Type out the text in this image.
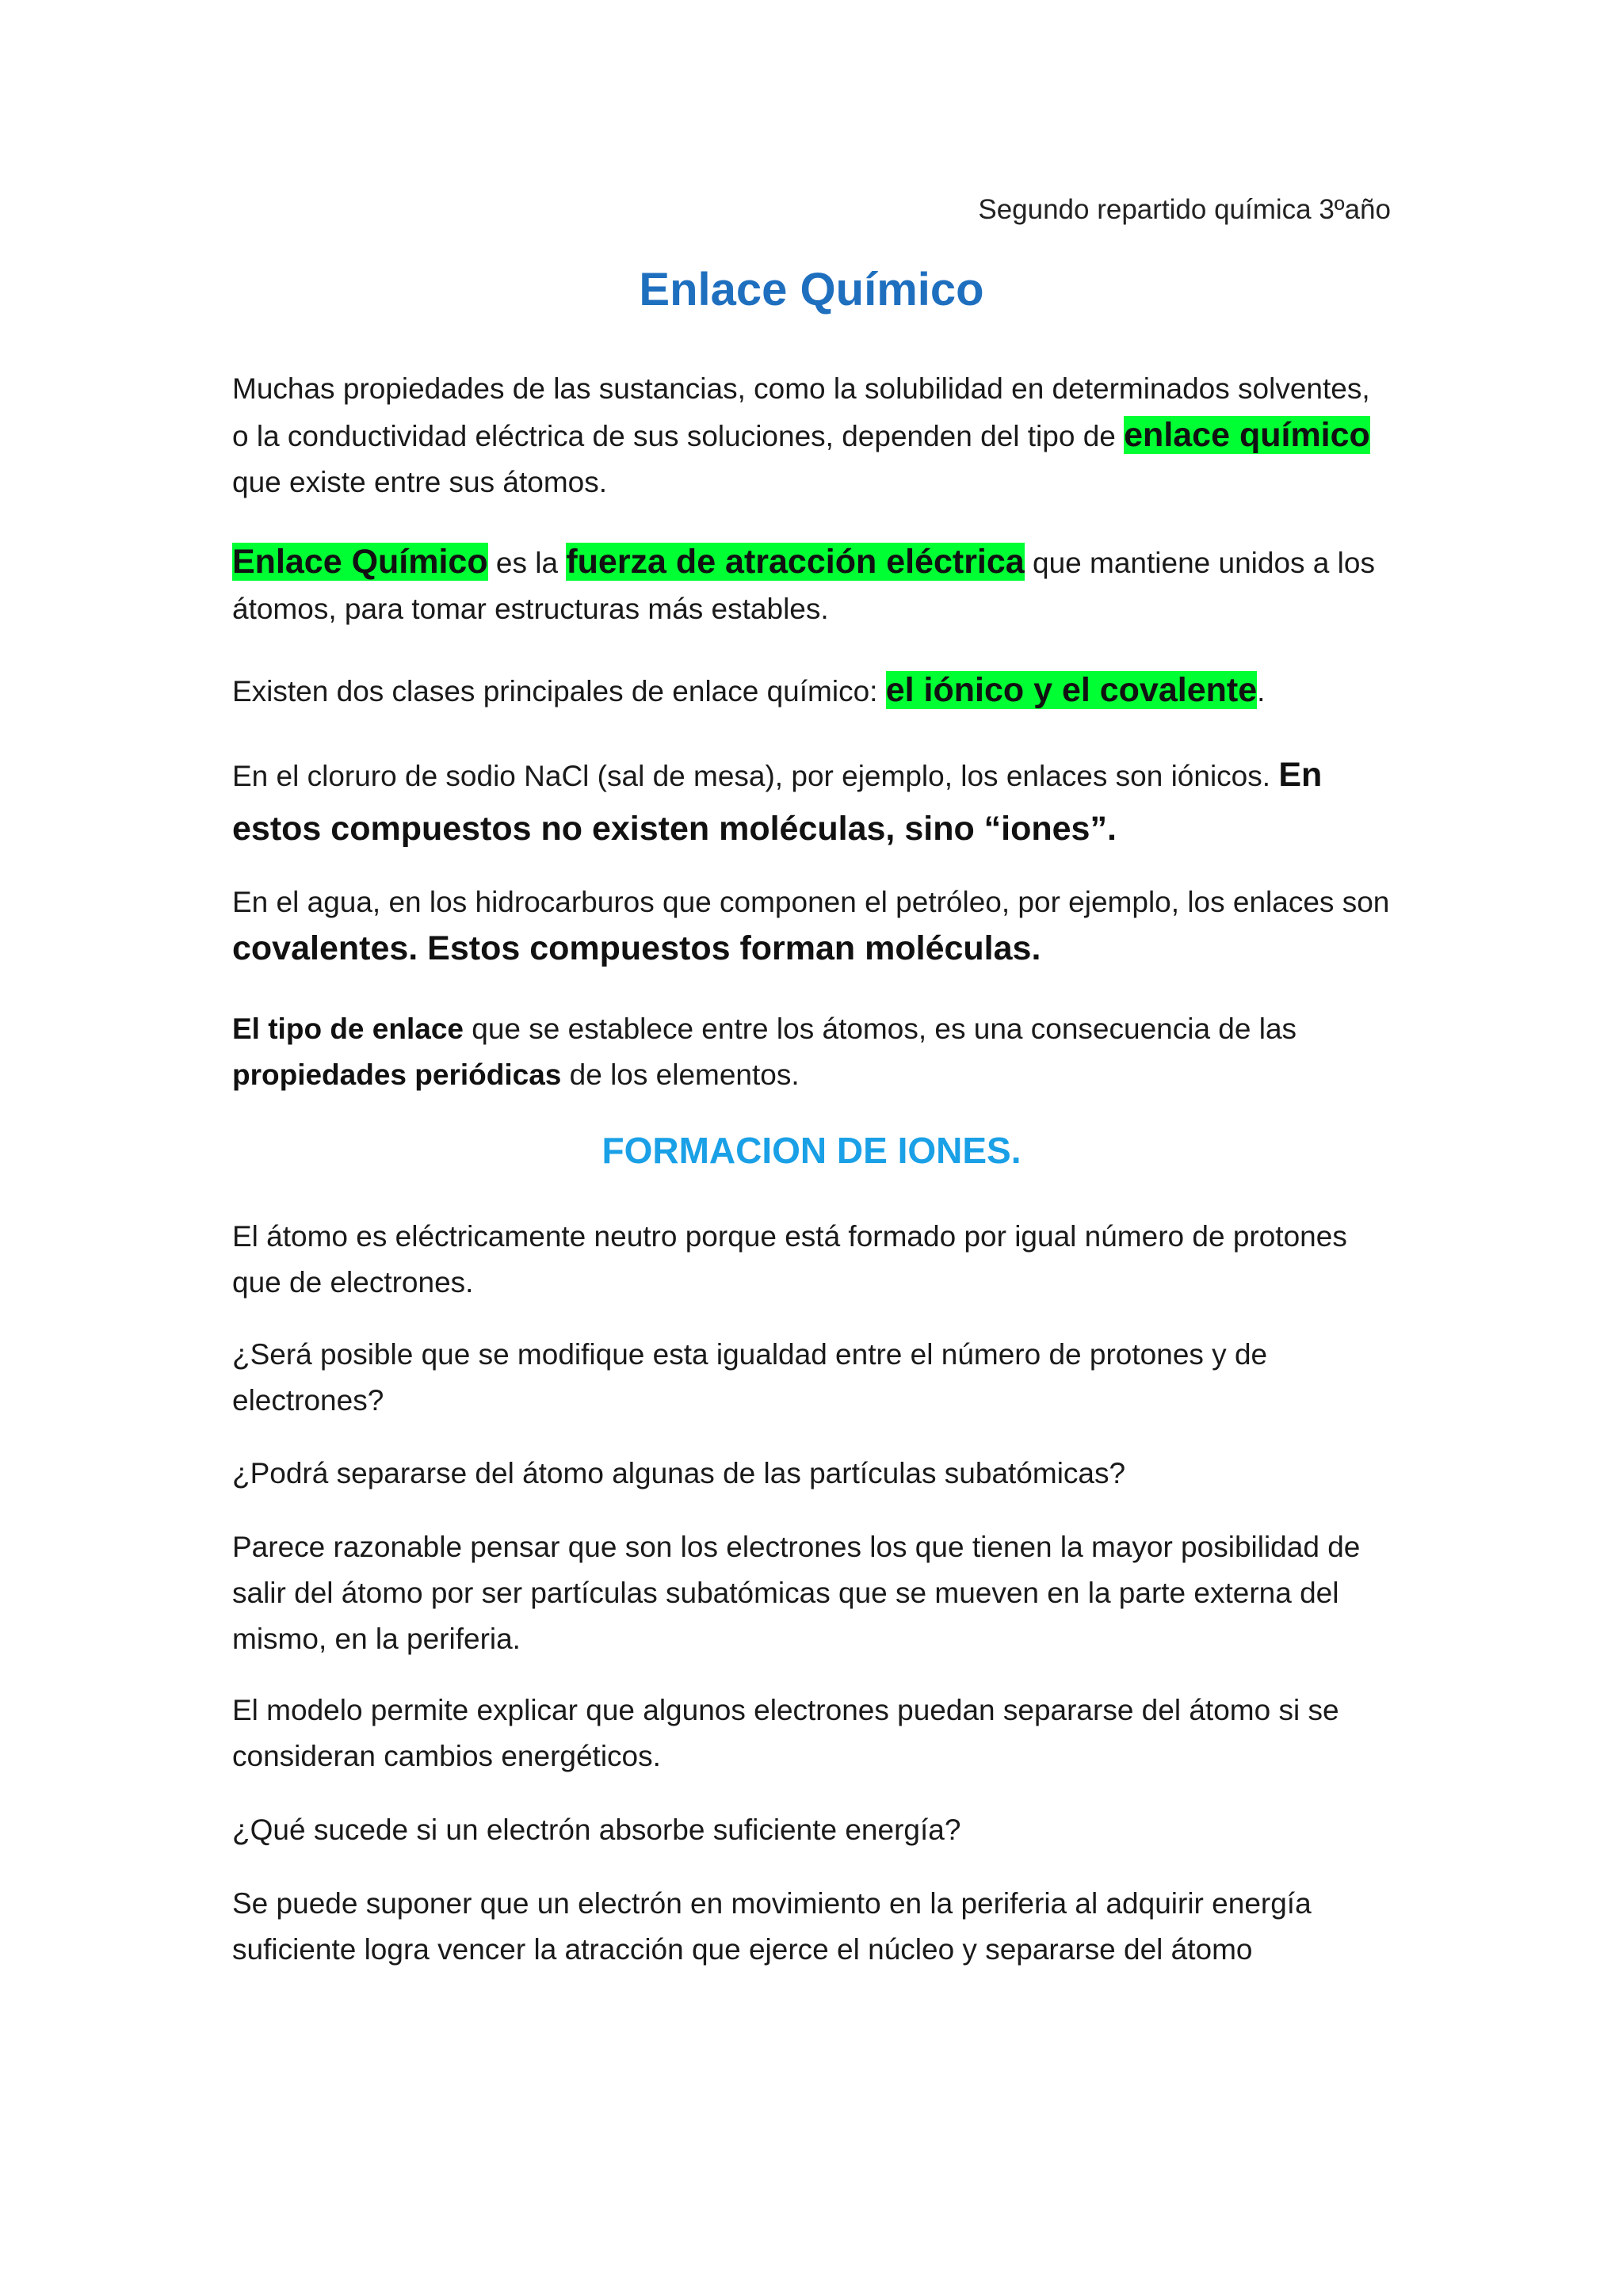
Segundo repartido química 3ºaño
Enlace Químico
Muchas propiedades de las sustancias, como la solubilidad en determinados solventes, o la conductividad eléctrica de sus soluciones, dependen del tipo de enlace químico que existe entre sus átomos.
Enlace Químico es la fuerza de atracción eléctrica que mantiene unidos a los átomos, para tomar estructuras más estables.
Existen dos clases principales de enlace químico: el iónico y el covalente.
En el cloruro de sodio NaCl (sal de mesa), por ejemplo, los enlaces son iónicos. En estos compuestos no existen moléculas, sino “iones”.
En el agua, en los hidrocarburos que componen el petróleo, por ejemplo, los enlaces son covalentes. Estos compuestos forman moléculas.
El tipo de enlace que se establece entre los átomos, es una consecuencia de las propiedades periódicas de los elementos.
FORMACION DE IONES.
El átomo es eléctricamente neutro porque está formado por igual número de protones que de electrones.
¿Será posible que se modifique esta igualdad entre el número de protones y de electrones?
¿Podrá separarse del átomo algunas de las partículas subatómicas?
Parece razonable pensar que son los electrones los que tienen la mayor posibilidad de salir del átomo por ser partículas subatómicas que se mueven en la parte externa del mismo, en la periferia.
El modelo permite explicar que algunos electrones puedan separarse del átomo si se consideran cambios energéticos.
¿Qué sucede si un electrón absorbe suficiente energía?
Se puede suponer que un electrón en movimiento en la periferia al adquirir energía suficiente logra vencer la atracción que ejerce el núcleo y separarse del átomo
